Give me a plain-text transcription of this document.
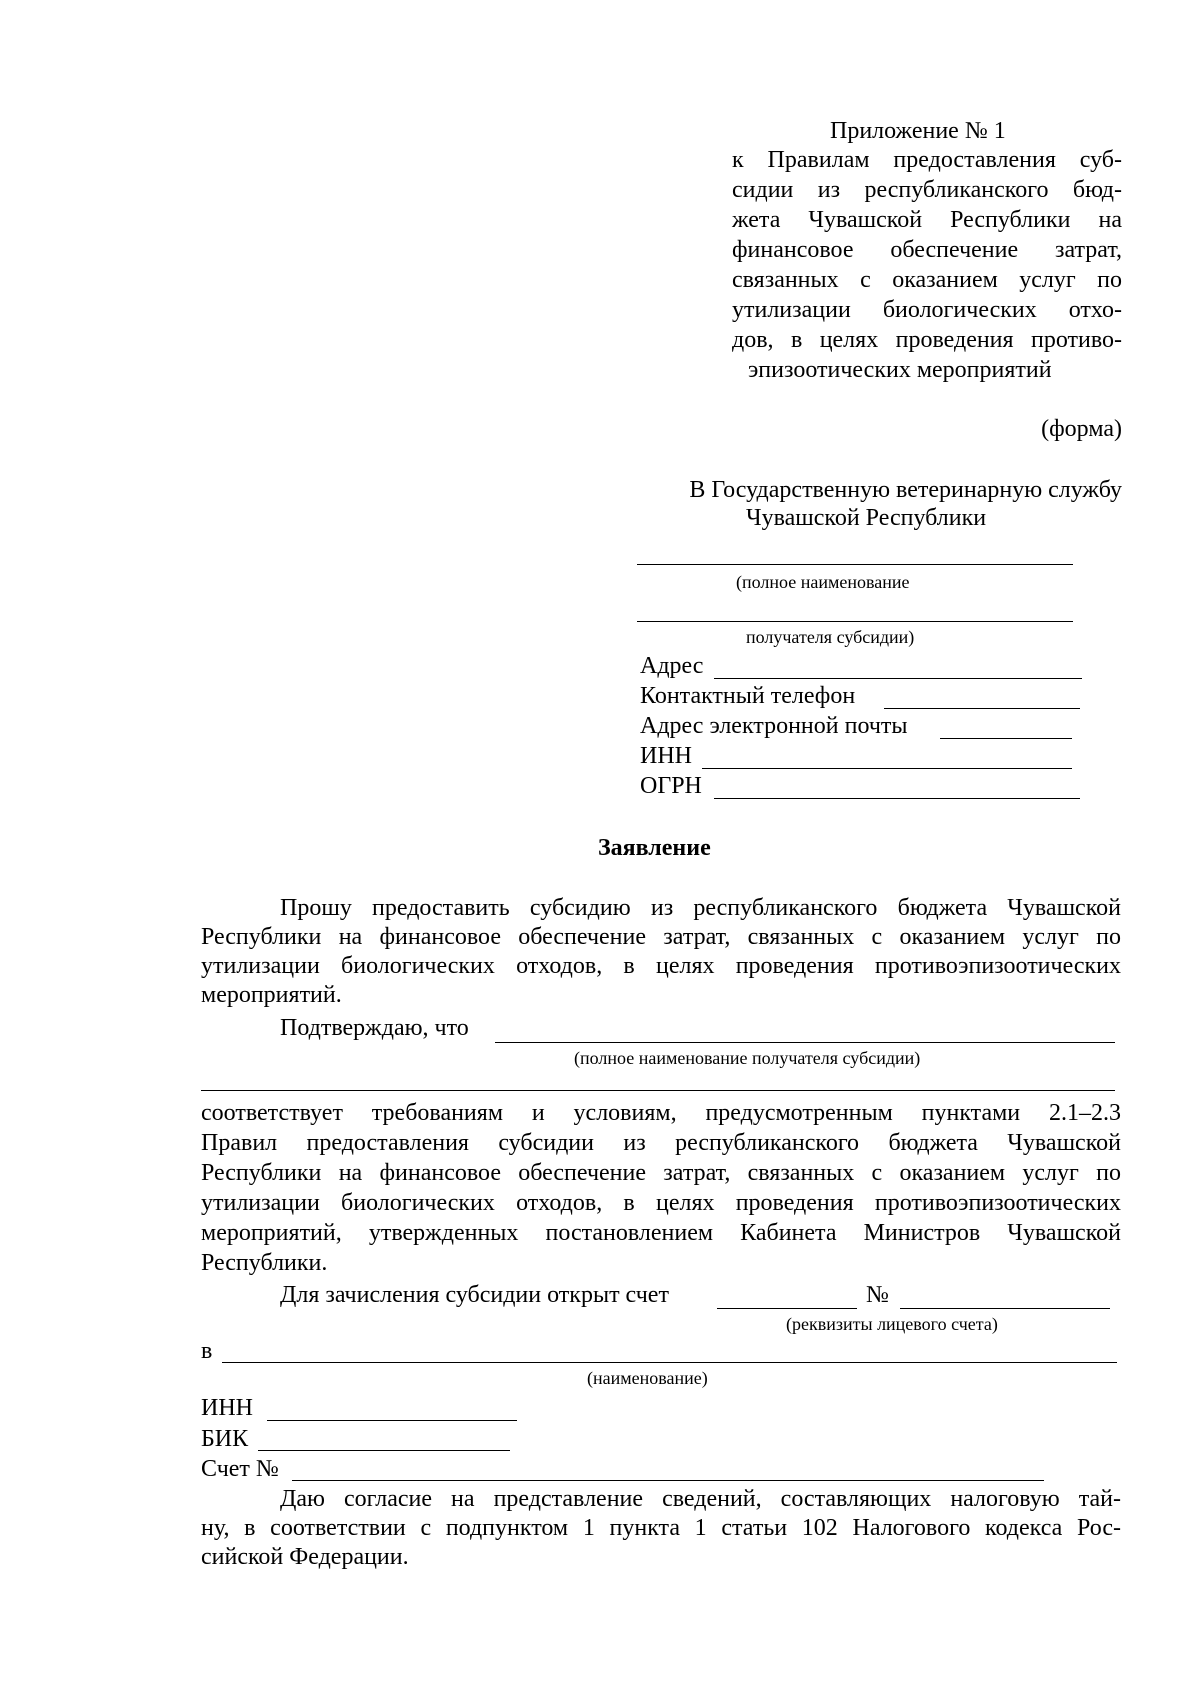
Приложение № 1
к Правилам предоставления суб-
сидии из республиканского бюд-
жета Чувашской Республики на
финансовое обеспечение затрат,
связанных с оказанием услуг по
утилизации биологических отхо-
дов, в целях проведения противо-
эпизоотических мероприятий
(форма)
В Государственную ветеринарную службу
Чувашской Республики
(полное наименование
получателя субсидии)
Адрес
Контактный телефон
Адрес электронной почты
ИНН
ОГРН
Заявление
Прошу предоставить субсидию из республиканского бюджета Чувашской
Республики на финансовое обеспечение затрат, связанных с оказанием услуг по
утилизации биологических отходов, в целях проведения противоэпизоотических
мероприятий.
Подтверждаю, что
(полное наименование получателя субсидии)
соответствует требованиям и условиям, предусмотренным пунктами 2.1–2.3
Правил предоставления субсидии из республиканского бюджета Чувашской
Республики на финансовое обеспечение затрат, связанных с оказанием услуг по
утилизации биологических отходов, в целях проведения противоэпизоотических
мероприятий, утвержденных постановлением Кабинета Министров Чувашской
Республики.
Для зачисления субсидии открыт счет	№
(реквизиты лицевого счета)
в
(наименование)
ИНН
БИК
Счет №
Даю согласие на представление сведений, составляющих налоговую тай-
ну, в соответствии с подпунктом 1 пункта 1 статьи 102 Налогового кодекса Рос-
сийской Федерации.
